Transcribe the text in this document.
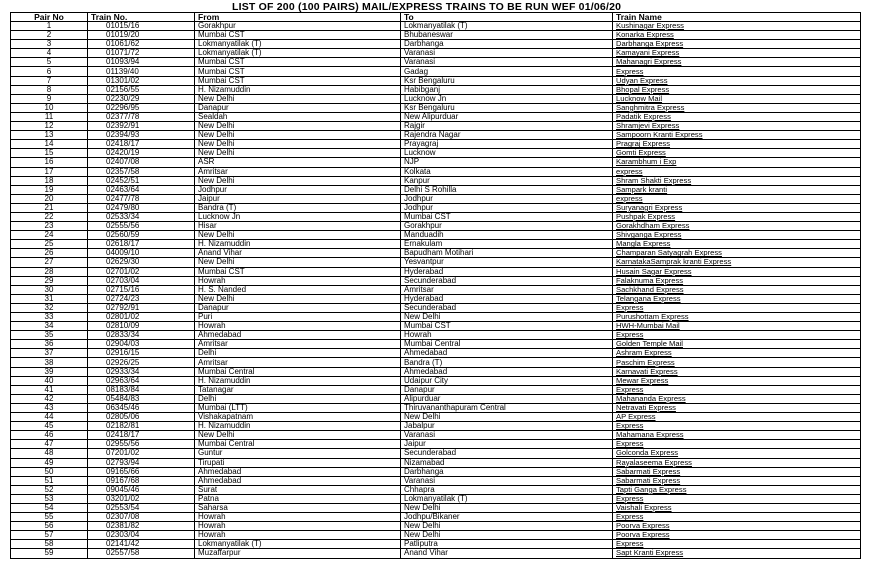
LIST OF 200 (100 PAIRS) MAIL/EXPRESS TRAINS TO BE RUN WEF 01/06/20
Pair No	Train No.	From	To	Train Name
1	01015/16	Gorakhpur	Lokmanyatilak (T)	Kushinagar Express
2	01019/20	Mumbai CST	Bhubaneswar	Konarka Express
3	01061/62	Lokmanyatilak (T)	Darbhanga	Darbhanga Express
4	01071/72	Lokmanyatilak (T)	Varanasi	Kamayani Express
5	01093/94	Mumbai CST	Varanasi	Mahanagri Express
6	01139/40	Mumbai CST	Gadag	Express
7	01301/02	Mumbai CST	Ksr Bengaluru	Udyan Express
8	02156/55	H. Nizamuddin	Habibganj	Bhopal Express
9	02230/29	New Delhi	Lucknow Jn	Lucknow Mail
10	02296/95	Danapur	Ksr Bengaluru	Sanghmitra Express
11	02377/78	Sealdah	New Alipurduar	Padatik Express
12	02392/91	New Delhi	Rajgir	Shramjevi Express
13	02394/93	New Delhi	Rajendra Nagar	Sampoorn Kranti Express
14	02418/17	New Delhi	Prayagraj	Pragraj Express
15	02420/19	New Delhi	Lucknow	Gomti Express
16	02407/08	ASR	NJP	Karambhum i Exp
17	02357/58	Amritsar	Kolkata	express
18	02452/51	New Delhi	Kanpur	Shram Shakti Express
19	02463/64	Jodhpur	Delhi S Rohilla	Sampark kranti
20	02477/78	Jaipur	Jodhpur	express
21	02479/80	Bandra (T)	Jodhpur	Suryanagri Express
22	02533/34	Lucknow Jn	Mumbai CST	Pushpak Express
23	02555/56	Hisar	Gorakhpur	Gorakhdham Express
24	02560/59	New Delhi	Manduadih	Shivganga Express
25	02618/17	H. Nizamuddin	Ernakulam	Mangla Express
26	04009/10	Anand Vihar	Bapudham Motihari	Champaran Satyagrah Express
27	02629/30	New Delhi	Yesvantpur	KarnatakaSamprak kranti Express
28	02701/02	Mumbai CST	Hyderabad	Husain Sagar Express
29	02703/04	Howrah	Secunderabad	Falaknuma Express
30	02715/16	H. S. Nanded	Amritsar	Sachkhand Express
31	02724/23	New Delhi	Hyderabad	Telangana Express
32	02792/91	Danapur	Secunderabad	Express
33	02801/02	Puri	New Delhi	Purushottam Express
34	02810/09	Howrah	Mumbai CST	HWH-Mumbai Mail
35	02833/34	Ahmedabad	Howrah	Express
36	02904/03	Amritsar	Mumbai Central	Golden Temple Mail
37	02916/15	Delhi	Ahmedabad	Ashram Express
38	02926/25	Amritsar	Bandra (T)	Paschim Express
39	02933/34	Mumbai Central	Ahmedabad	Karnavati Express
40	02963/64	H. Nizamuddin	Udaipur City	Mewar Express
41	08183/84	Tatanagar	Danapur	Express
42	05484/83	Delhi	Alipurduar	Mahananda Express
43	06345/46	Mumbai (LTT)	Thiruvananthapuram Central	Netravati Express
44	02805/06	Vishakapatnam	New Delhi	AP Express
45	02182/81	H. Nizamuddin	Jabalpur	Express
46	02418/17	New Delhi	Varanasi	Mahamana Express
47	02955/56	Mumbai Central	Jaipur	Express
48	07201/02	Guntur	Secunderabad	Golconda Express
49	02793/94	Tirupati	Nizamabad	Rayalaseema Express
50	09165/66	Ahmedabad	Darbhanga	Sabarmati Express
51	09167/68	Ahmedabad	Varanasi	Sabarmati Express
52	09045/46	Surat	Chhapra	Tapti Ganga Express
53	03201/02	Patna	Lokmanyatilak (T)	Express
54	02553/54	Saharsa	New Delhi	Vaishali Express
55	02307/08	Howrah	Jodhpu/Bikaner	Express
56	02381/82	Howrah	New Delhi	Poorva Express
57	02303/04	Howrah	New Delhi	Poorva Express
58	02141/42	Lokmanyatilak (T)	Patliputra	Express
59	02557/58	Muzaffarpur	Anand Vihar	Sapt Kranti Express
